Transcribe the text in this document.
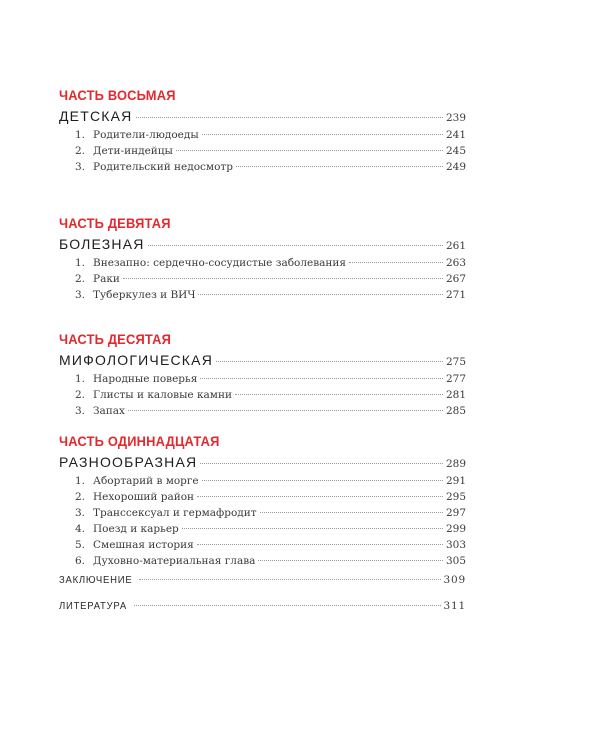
ЧАСТЬ ВОСЬМАЯ
ДЕТСКАЯ	239
1. Родители-людоеды	241
2. Дети-индейцы	245
3. Родительский недосмотр	249
ЧАСТЬ ДЕВЯТАЯ
БОЛЕЗНАЯ	261
1. Внезапно: сердечно-сосудистые заболевания	263
2. Раки	267
3. Туберкулез и ВИЧ	271
ЧАСТЬ ДЕСЯТАЯ
МИФОЛОГИЧЕСКАЯ	275
1. Народные поверья	277
2. Глисты и каловые камни	281
3. Запах	285
ЧАСТЬ ОДИННАДЦАТАЯ
РАЗНООБРАЗНАЯ	289
1. Абортарий в морге	291
2. Нехороший район	295
3. Транссексуал и гермафродит	297
4. Поезд и карьер	299
5. Смешная история	303
6. Духовно-материальная глава	305
ЗАКЛЮЧЕНИЕ	309
ЛИТЕРАТУРА	311
